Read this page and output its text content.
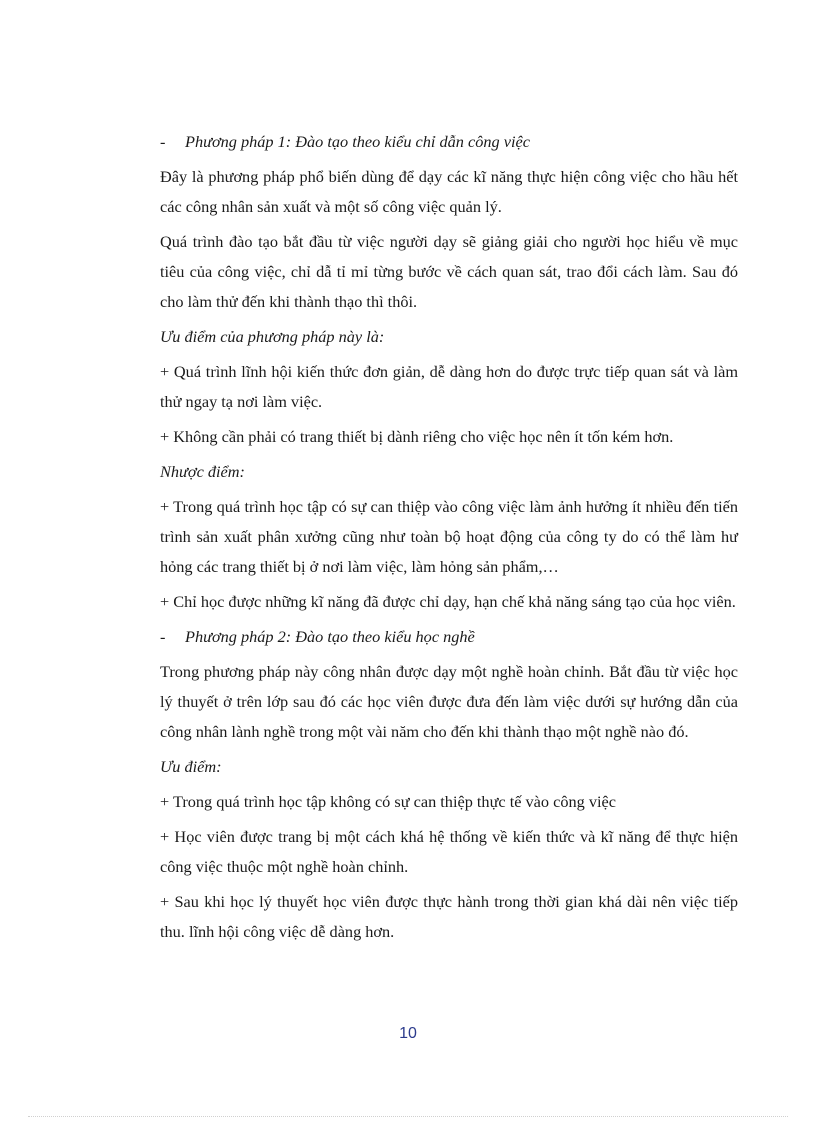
-	Phương pháp 1: Đào tạo theo kiểu chỉ dẫn công việc

Đây là phương pháp phổ biến dùng để dạy các kĩ năng thực hiện công việc cho hầu hết các công nhân sản xuất và một số công việc quản lý.

Quá trình đào tạo bắt đầu từ việc người dạy sẽ giảng giải cho người học hiểu về mục tiêu của công việc, chỉ dẫ tỉ mỉ từng bước về cách quan sát, trao đổi cách làm. Sau đó cho làm thử đến khi thành thạo thì thôi.

Ưu điểm của phương pháp này là:

+ Quá trình lĩnh hội kiến thức đơn giản, dễ dàng hơn do được trực tiếp quan sát và làm thử ngay tạ nơi làm việc.

+ Không cần phải có trang thiết bị dành riêng cho việc học nên ít tốn kém hơn.

Nhược điểm:

+ Trong quá trình học tập có sự can thiệp vào công việc làm ảnh hưởng ít nhiều đến tiến trình sản xuất phân xưởng cũng như toàn bộ hoạt động của công ty do có thể làm hư hỏng các trang thiết bị ở nơi làm việc, làm hỏng sản phẩm,…

+ Chỉ học được những kĩ năng đã được chỉ dạy, hạn chế khả năng sáng tạo của học viên.

-	Phương pháp 2: Đào tạo theo kiểu học nghề

Trong phương pháp này công nhân được dạy một nghề hoàn chỉnh. Bắt đầu từ việc học lý thuyết ở trên lớp sau đó các học viên được đưa đến làm việc dưới sự hướng dẫn của công nhân lành nghề trong một vài năm cho đến khi thành thạo một nghề nào đó.

Ưu điểm:

+ Trong quá trình học tập không có sự can thiệp thực tế vào công việc

+ Học viên được trang bị một cách khá hệ thống về kiến thức và kĩ năng để thực hiện công việc thuộc một nghề hoàn chỉnh.

+ Sau khi học lý thuyết học viên được thực hành trong thời gian khá dài nên việc tiếp thu. lĩnh hội công việc dễ dàng hơn.

10
